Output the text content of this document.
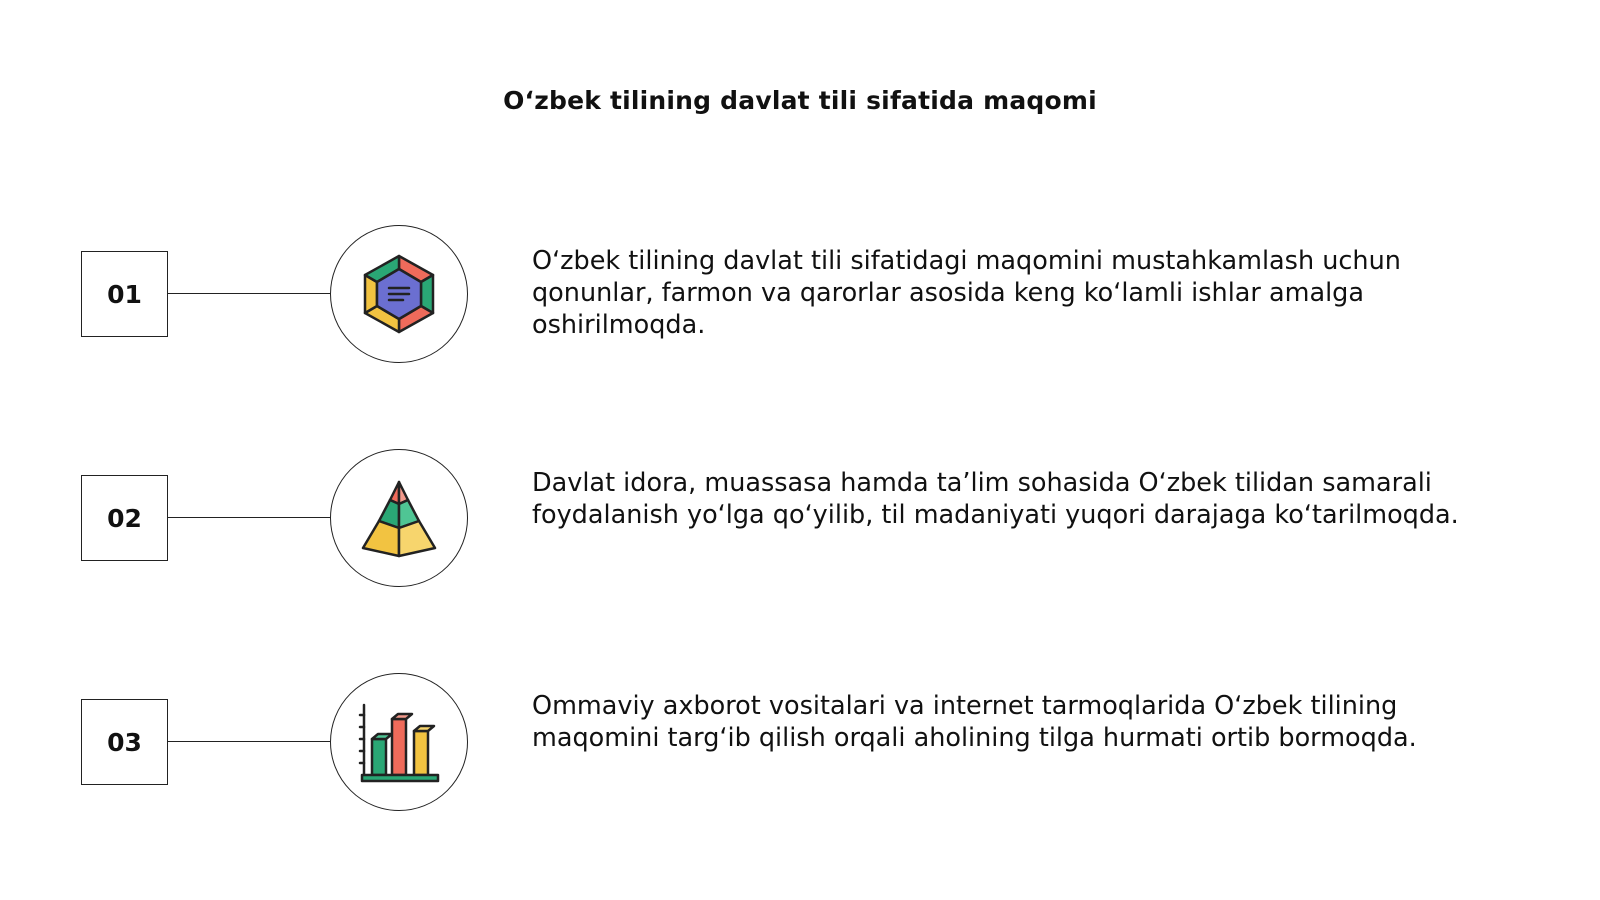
Oʻzbek tilining davlat tili sifatida maqomi
01
Oʻzbek tilining davlat tili sifatidagi maqomini mustahkamlash uchun qonunlar, farmon va qarorlar asosida keng koʻlamli ishlar amalga oshirilmoqda.
02
Davlat idora, muassasa hamda ta’lim sohasida Oʻzbek tilidan samarali foydalanish yoʻlga qoʻyilib, til madaniyati yuqori darajaga koʻtarilmoqda.
03
Ommaviy axborot vositalari va internet tarmoqlarida Oʻzbek tilining maqomini targʻib qilish orqali aholining tilga hurmati ortib bormoqda.
